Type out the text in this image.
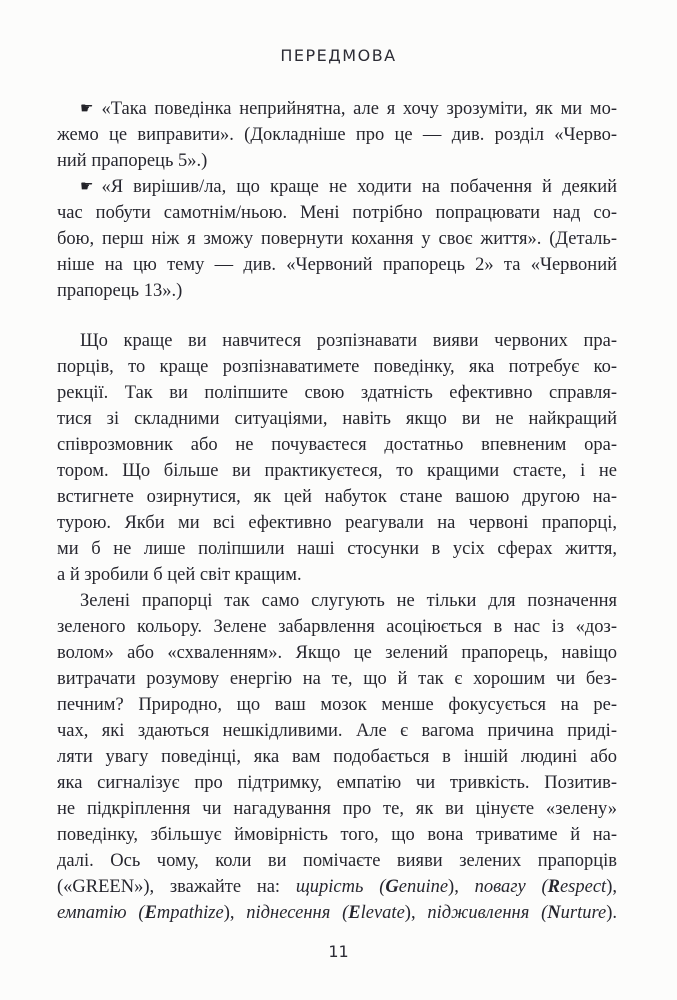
ПЕРЕДМОВА
☛ «Така поведінка неприйнятна, але я хочу зрозуміти, як ми мо-
жемо це виправити». (Докладніше про це — див. розділ «Черво-
ний прапорець 5».)
☛ «Я вирішив/ла, що краще не ходити на побачення й деякий
час побути самотнім/ньою. Мені потрібно попрацювати над со-
бою, перш ніж я зможу повернути кохання у своє життя». (Деталь-
ніше на цю тему — див. «Червоний прапорець 2» та «Червоний
прапорець 13».)
Що краще ви навчитеся розпізнавати вияви червоних пра-
порців, то краще розпізнаватимете поведінку, яка потребує ко-
рекції. Так ви поліпшите свою здатність ефективно справля-
тися зі складними ситуаціями, навіть якщо ви не найкращий
співрозмовник або не почуваєтеся достатньо впевненим ора-
тором. Що більше ви практикуєтеся, то кращими стаєте, і не
встигнете озирнутися, як цей набуток стане вашою другою на-
турою. Якби ми всі ефективно реагували на червоні прапорці,
ми б не лише поліпшили наші стосунки в усіх сферах життя,
а й зробили б цей світ кращим.
Зелені прапорці так само слугують не тільки для позначення
зеленого кольору. Зелене забарвлення асоціюється в нас із «доз-
волом» або «схваленням». Якщо це зелений прапорець, навіщо
витрачати розумову енергію на те, що й так є хорошим чи без-
печним? Природно, що ваш мозок менше фокусується на ре-
чах, які здаються нешкідливими. Але є вагома причина приді-
ляти увагу поведінці, яка вам подобається в іншій людині або
яка сигналізує про підтримку, емпатію чи тривкість. Позитив-
не підкріплення чи нагадування про те, як ви цінуєте «зелену»
поведінку, збільшує ймовірність того, що вона триватиме й на-
далі. Ось чому, коли ви помічаєте вияви зелених прапорців
(«GREEN»), зважайте на: щирість (Genuine), повагу (Respect),
емпатію (Empathize), піднесення (Elevate), підживлення (Nurture).
11
